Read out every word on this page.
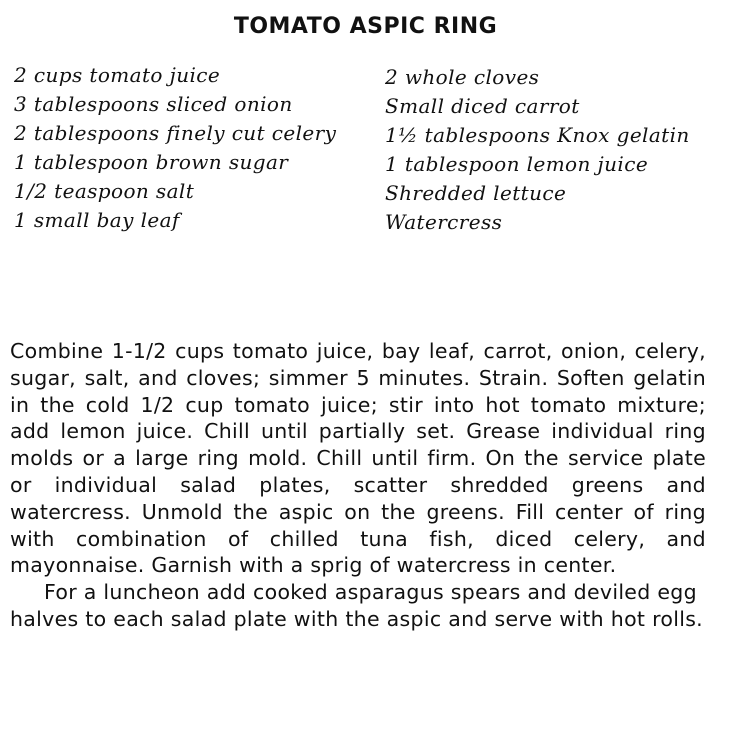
TOMATO ASPIC RING
2 cups tomato juice
3 tablespoons sliced onion
2 tablespoons finely cut celery
1 tablespoon brown sugar
1/2 teaspoon salt
1 small bay leaf
2 whole cloves
Small diced carrot
1½ tablespoons Knox gelatin
1 tablespoon lemon juice
Shredded lettuce
Watercress

Combine 1-1/2 cups tomato juice, bay leaf, carrot, onion, celery, sugar, salt, and cloves; simmer 5 minutes. Strain. Soften gelatin in the cold 1/2 cup tomato juice; stir into hot tomato mixture; add lemon juice. Chill until partially set. Grease individual ring molds or a large ring mold. Chill until firm. On the service plate or individual salad plates, scatter shredded greens and watercress. Unmold the aspic on the greens. Fill center of ring with combination of chilled tuna fish, diced celery, and mayonnaise. Garnish with a sprig of watercress in center.

For a luncheon add cooked asparagus spears and deviled egg halves to each salad plate with the aspic and serve with hot rolls.
